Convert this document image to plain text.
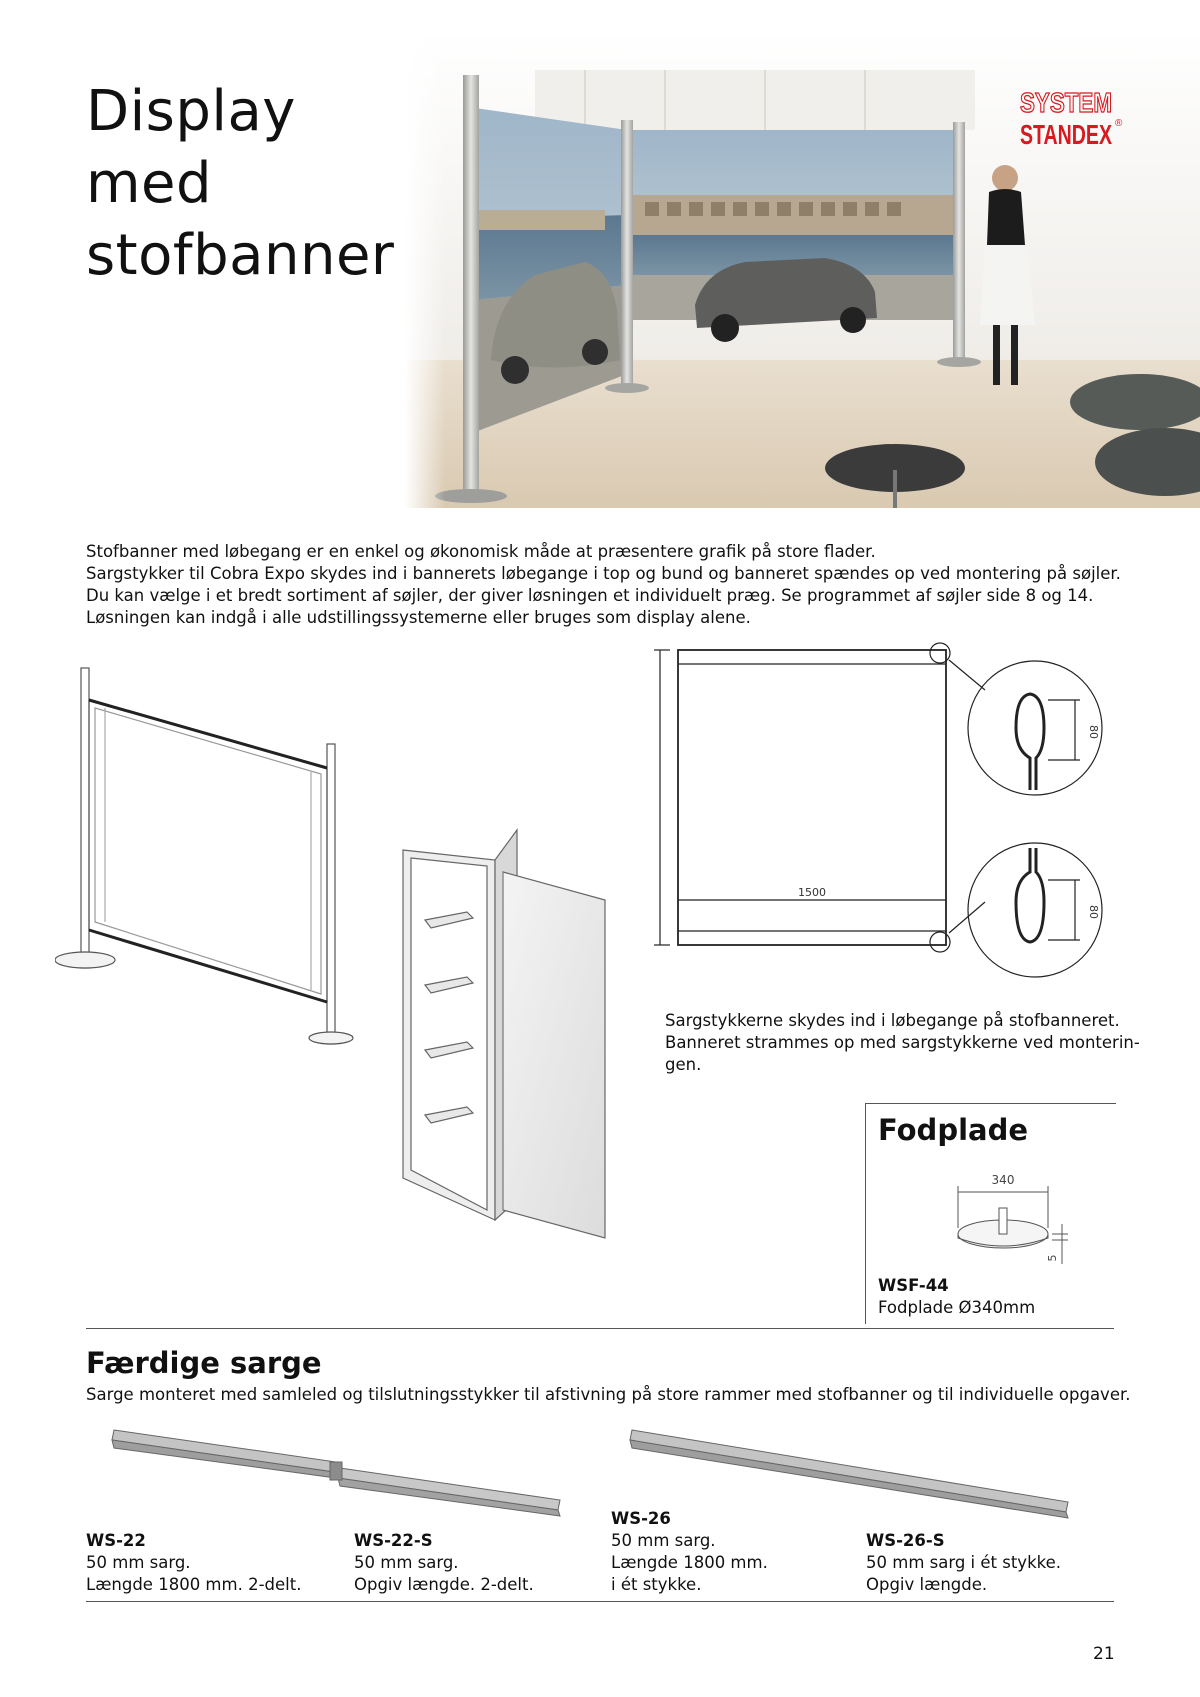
Display
med
stofbanner
SYSTEM
STANDEX ®
Stofbanner med løbegang er en enkel og økonomisk måde at præsentere grafik på store flader.
Sargstykker til Cobra Expo skydes ind i bannerets løbegange i top og bund og banneret spændes op ved montering på søjler.
Du kan vælge i et bredt sortiment af søjler, der giver løsningen et individuelt præg. Se programmet af søjler side 8 og 14.
Løsningen kan indgå i alle udstillingssystemerne eller bruges som display alene.
1700
1500
80
80
Sargstykkerne skydes ind i løbegange på stofbanneret.
Banneret strammes op med sargstykkerne ved monterin-
gen.
Fodplade
340
5
WSF-44
Fodplade Ø340mm
Færdige sarge
Sarge monteret med samleled og tilslutningsstykker til afstivning på store rammer med stofbanner og til individuelle opgaver.
WS-22
50 mm sarg.
Længde 1800 mm. 2-delt.
WS-22-S
50 mm sarg.
Opgiv længde. 2-delt.
WS-26
50 mm sarg.
Længde 1800 mm.
i ét stykke.
WS-26-S
50 mm sarg i ét stykke.
Opgiv længde.
21
